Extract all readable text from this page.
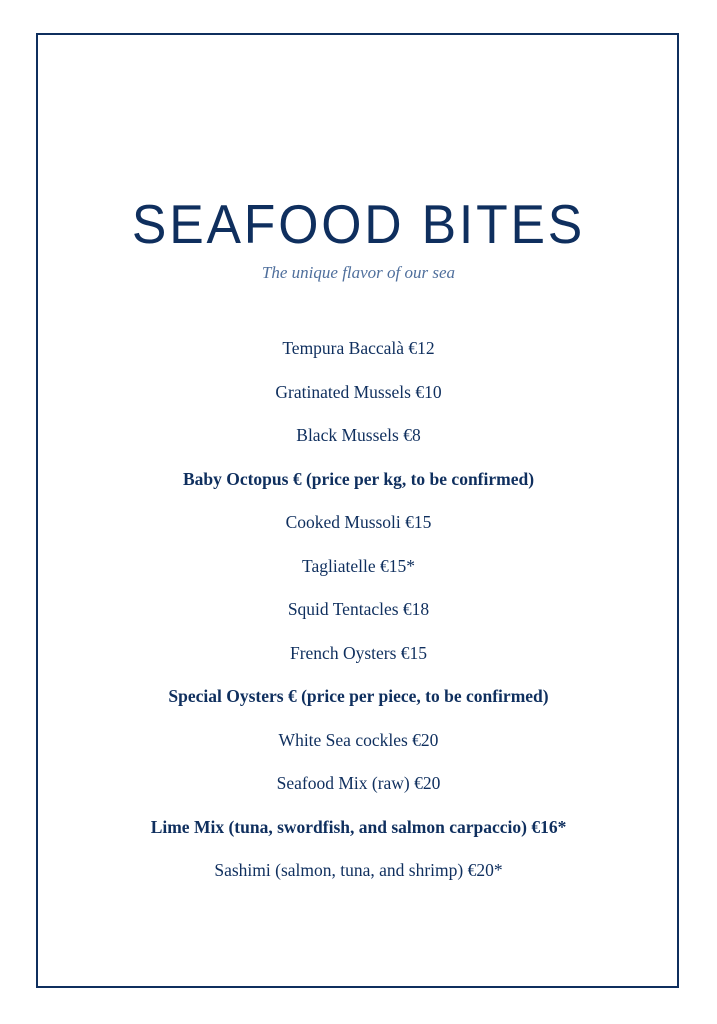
SEAFOOD BITES
The unique flavor of our sea
Tempura Baccalà €12
Gratinated Mussels €10
Black Mussels €8
Baby Octopus € (price per kg, to be confirmed)
Cooked Mussoli €15
Tagliatelle €15*
Squid Tentacles €18
French Oysters €15
Special Oysters € (price per piece, to be confirmed)
White Sea cockles €20
Seafood Mix (raw) €20
Lime Mix (tuna, swordfish, and salmon carpaccio) €16*
Sashimi (salmon, tuna, and shrimp) €20*
